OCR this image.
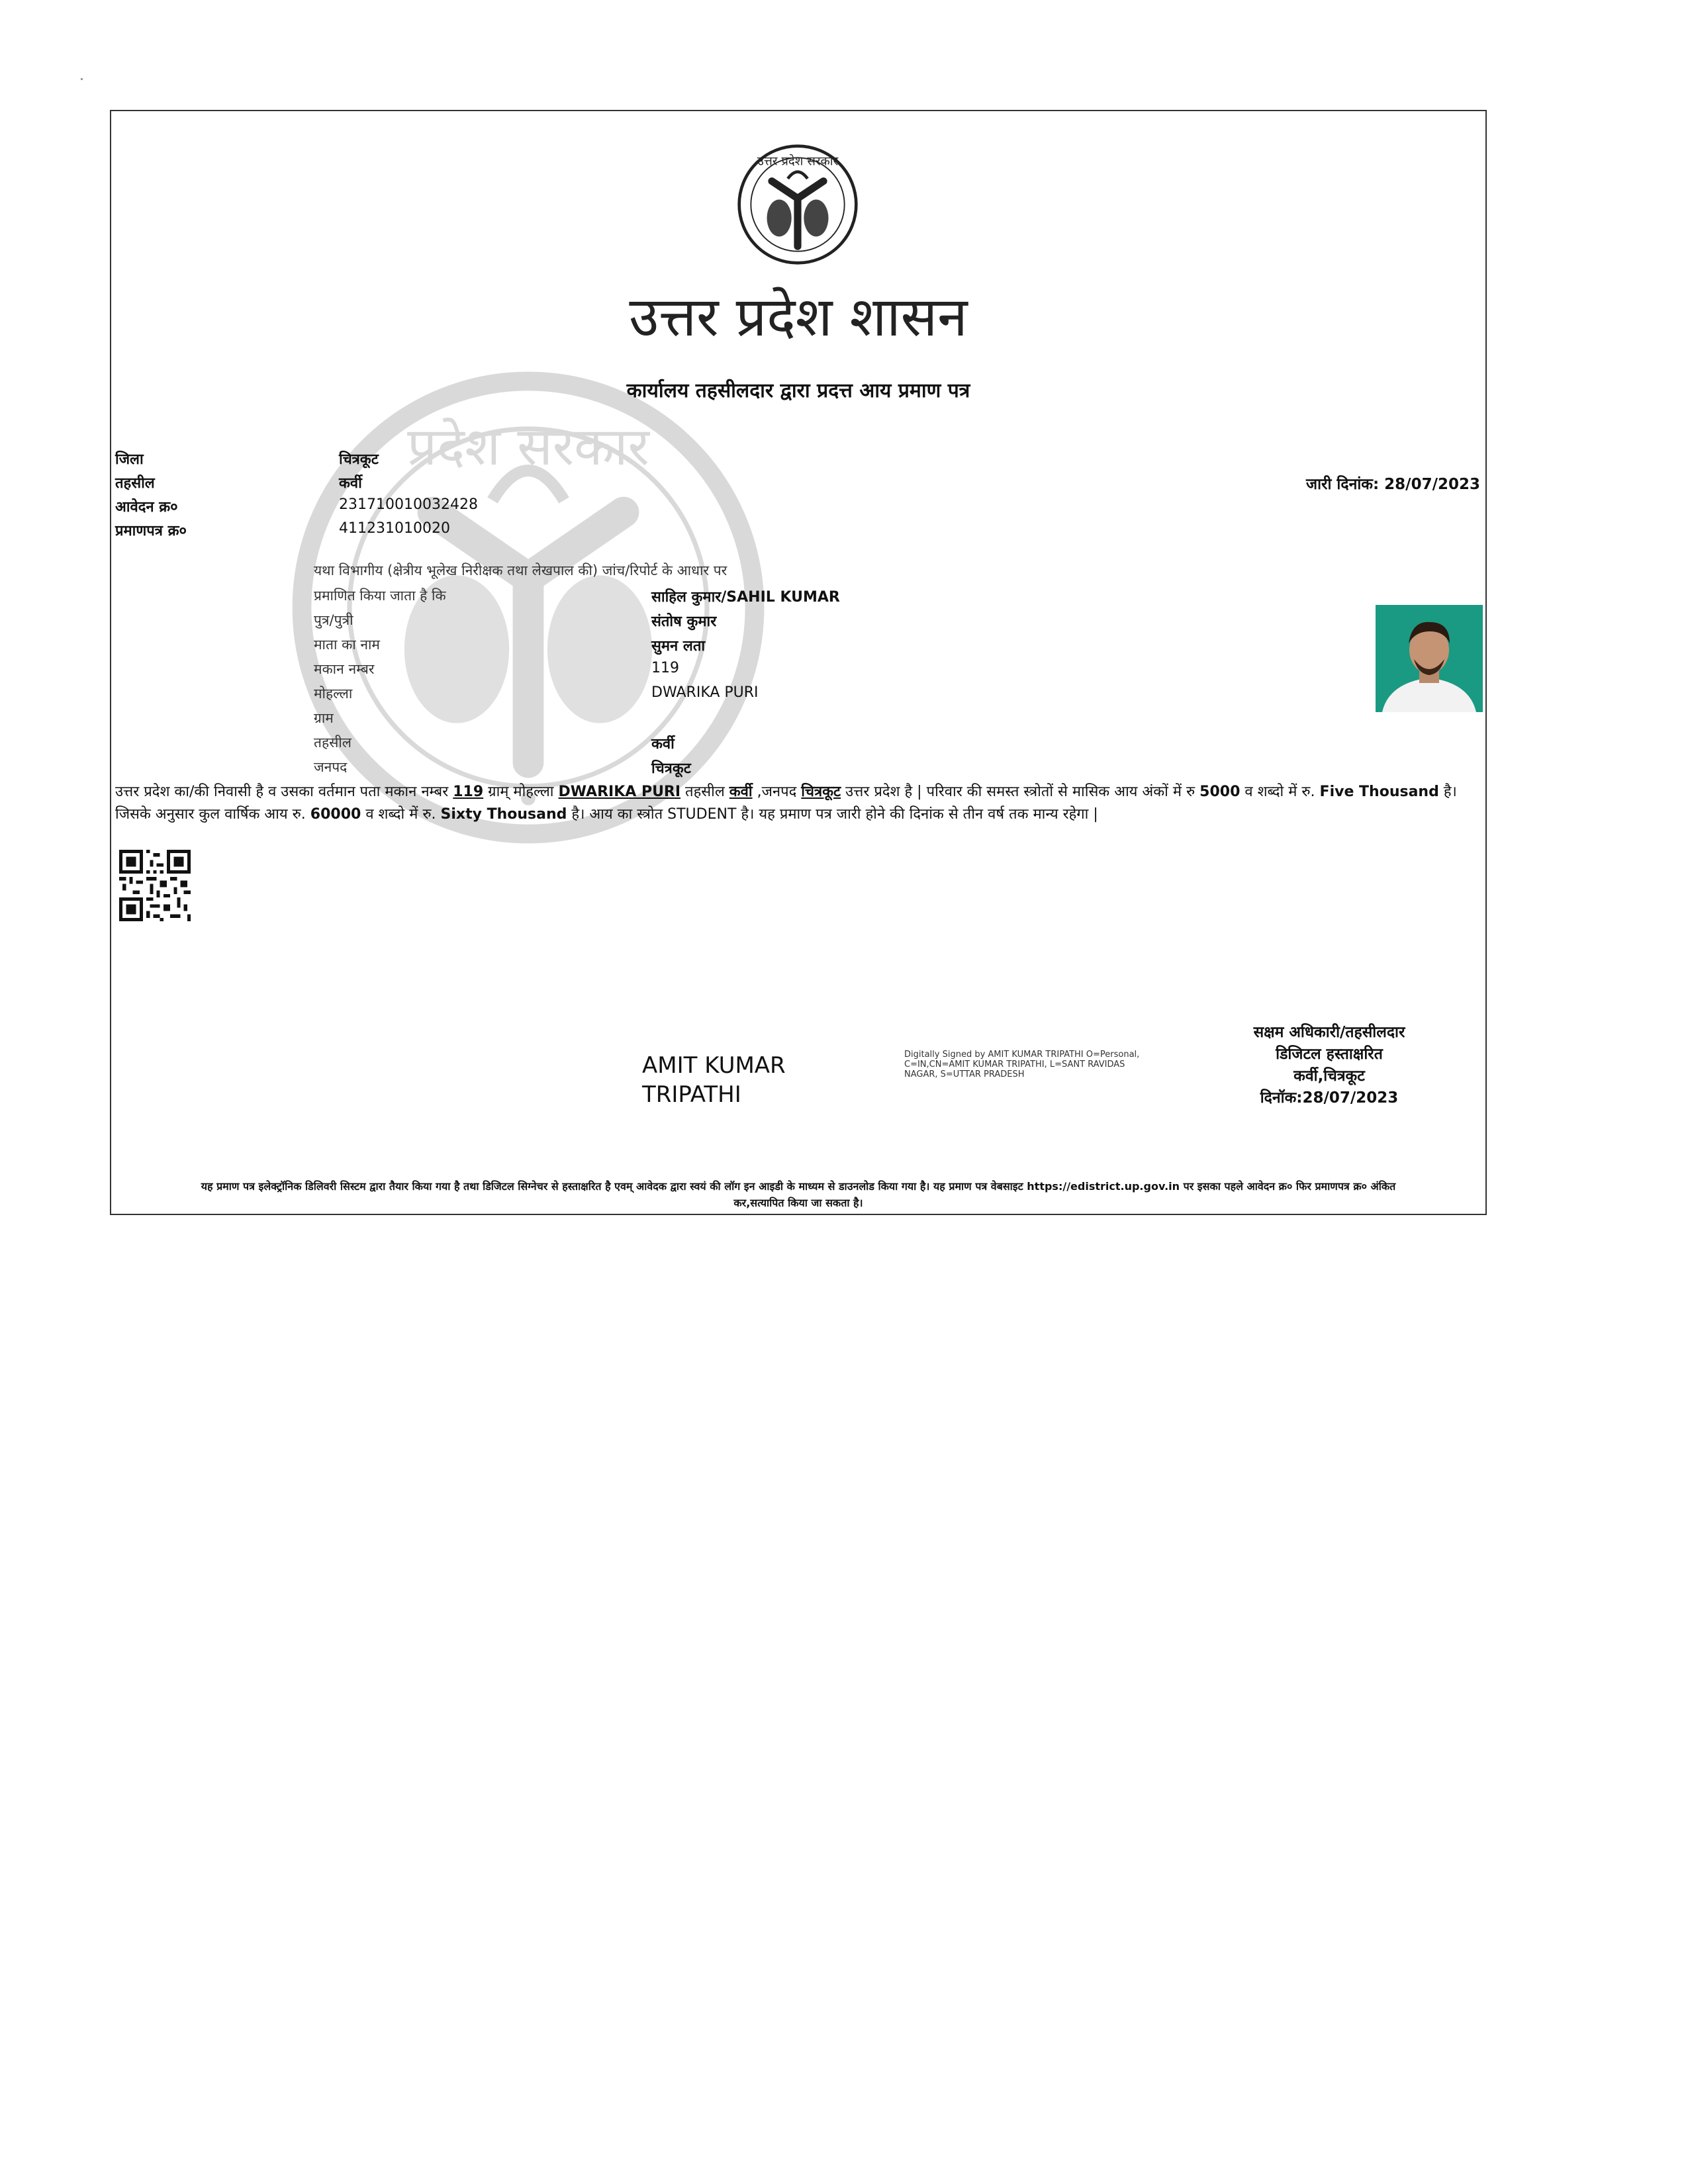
प्रदेश सरकार
उत्तर प्रदेश सरकार
उत्तर प्रदेश शासन
कार्यालय तहसीलदार द्वारा प्रदत्त आय प्रमाण पत्र
जिला	चित्रकूट
तहसील	कर्वी
आवेदन क्र०	231710010032428
प्रमाणपत्र क्र०	411231010020
जारी दिनांक: 28/07/2023
यथा विभागीय (क्षेत्रीय भूलेख निरीक्षक तथा लेखपाल की) जांच/रिपोर्ट के आधार पर
प्रमाणित किया जाता है कि	साहिल कुमार/SAHIL KUMAR
पुत्र/पुत्री	संतोष कुमार
माता का नाम	सुमन लता
मकान नम्बर	119
मोहल्ला	DWARIKA PURI
ग्राम
तहसील	कर्वी
जनपद	चित्रकूट
उत्तर प्रदेश का/की निवासी है व उसका वर्तमान पता मकान नम्बर 119 ग्राम् मोहल्ला DWARIKA PURI तहसील कर्वी ,जनपद चित्रकूट उत्तर प्रदेश है | परिवार की समस्त स्त्रोतों से मासिक आय अंकों में रु 5000 व शब्दो में रु. Five Thousand है। जिसके अनुसार कुल वार्षिक आय रु. 60000 व शब्दो में रु. Sixty Thousand है। आय का स्त्रोत STUDENT है। यह प्रमाण पत्र जारी होने की दिनांक से तीन वर्ष तक मान्य रहेगा |
AMIT KUMAR
TRIPATHI
Digitally Signed by AMIT KUMAR TRIPATHI O=Personal,
C=IN,CN=AMIT KUMAR TRIPATHI, L=SANT RAVIDAS
NAGAR, S=UTTAR PRADESH
सक्षम अधिकारी/तहसीलदार
डिजिटल हस्ताक्षरित
कर्वी,चित्रकूट
दिनॉक:28/07/2023
यह प्रमाण पत्र इलेक्ट्रॉनिक डिलिवरी सिस्टम द्वारा तैयार किया गया है तथा डिजिटल सिग्नेचर से हस्ताक्षरित है एवम् आवेदक द्वारा स्वयं की लॉग इन आइडी के माध्यम से डाउनलोड किया गया है। यह प्रमाण पत्र वेबसाइट https://edistrict.up.gov.in पर इसका पहले आवेदन क्र० फिर प्रमाणपत्र क्र० अंकित
कर,सत्यापित किया जा सकता है।
